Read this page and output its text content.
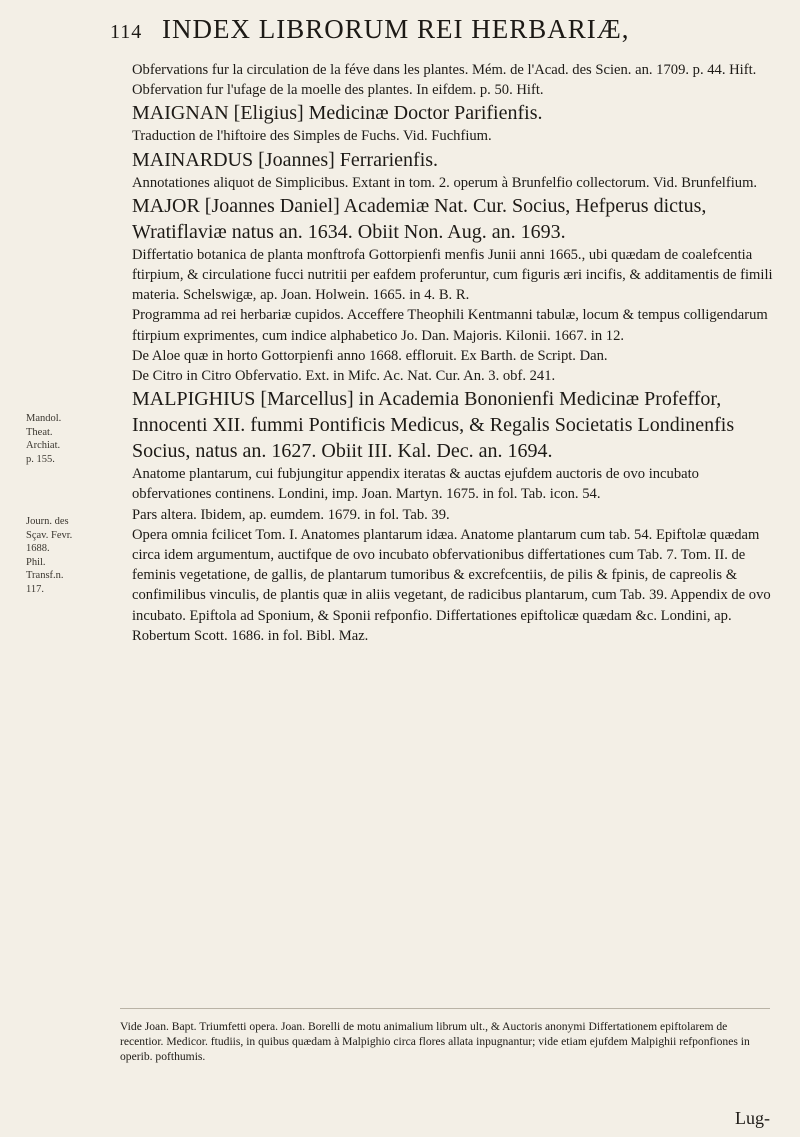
114 INDEX LIBRORUM REI HERBARIÆ,
Mandol.
Theat.
Archiat.
p. 155.
Journ. des
Sçav. Fevr.
1688.
Phil.
Transf.n.
117.

Obfervations fur la circulation de la féve dans les plantes. Mém. de l'Acad. des Scien. an. 1709. p. 44. Hift.

Obfervation fur l'ufage de la moelle des plantes. In eifdem. p. 50. Hift.

MAIGNAN [Eligius] Medicinæ Doctor Parifienfis.

Traduction de l'hiftoire des Simples de Fuchs. Vid. Fuchfium.

MAINARDUS [Joannes] Ferrarienfis.

Annotationes aliquot de Simplicibus. Extant in tom. 2. operum à Brunfelfio collectorum. Vid. Brunfelfium.

MAJOR [Joannes Daniel] Academiæ Nat. Cur. Socius, Hefperus dictus, Wratiflaviæ natus an. 1634. Obiit Non. Aug. an. 1693.

Differtatio botanica de planta monftrofa Gottorpienfi menfis Junii anni 1665., ubi quædam de coalefcentia ftirpium, & circulatione fucci nutritii per eafdem proferuntur, cum figuris æri incifis, & additamentis de fimili materia. Schelswigæ, ap. Joan. Holwein. 1665. in 4. B. R.

Programma ad rei herbariæ cupidos. Acceffere Theophili Kentmanni tabulæ, locum & tempus colligendarum ftirpium exprimentes, cum indice alphabetico Jo. Dan. Majoris. Kilonii. 1667. in 12.

De Aloe quæ in horto Gottorpienfi anno 1668. effloruit. Ex Barth. de Script. Dan.

De Citro in Citro Obfervatio. Ext. in Mifc. Ac. Nat. Cur. An. 3. obf. 241.

MALPIGHIUS [Marcellus] in Academia Bononienfi Medicinæ Profeffor, Innocenti XII. fummi Pontificis Medicus, & Regalis Societatis Londinenfis Socius, natus an. 1627. Obiit III. Kal. Dec. an. 1694.

Anatome plantarum, cui fubjungitur appendix iteratas & auctas ejufdem auctoris de ovo incubato obfervationes continens. Londini, imp. Joan. Martyn. 1675. in fol. Tab. icon. 54.

Pars altera. Ibidem, ap. eumdem. 1679. in fol. Tab. 39.

Opera omnia fcilicet Tom. I. Anatomes plantarum idæa. Anatome plantarum cum tab. 54. Epiftolæ quædam circa idem argumentum, auctifque de ovo incubato obfervationibus differtationes cum Tab. 7. Tom. II. de feminis vegetatione, de gallis, de plantarum tumoribus & excrefcentiis, de pilis & fpinis, de capreolis & confimilibus vinculis, de plantis quæ in aliis vegetant, de radicibus plantarum, cum Tab. 39. Appendix de ovo incubato. Epiftola ad Sponium, & Sponii refponfio. Differtationes epiftolicæ quædam &c. Londini, ap. Robertum Scott. 1686. in fol. Bibl. Maz.

Vide Joan. Bapt. Triumfetti opera. Joan. Borelli de motu animalium librum ult., & Auctoris anonymi Differtationem epiftolarem de recentior. Medicor. ftudiis, in quibus quædam à Malpighio circa flores allata inpugnantur; vide etiam ejufdem Malpighii refponfiones in operib. pofthumis.
Lug-
